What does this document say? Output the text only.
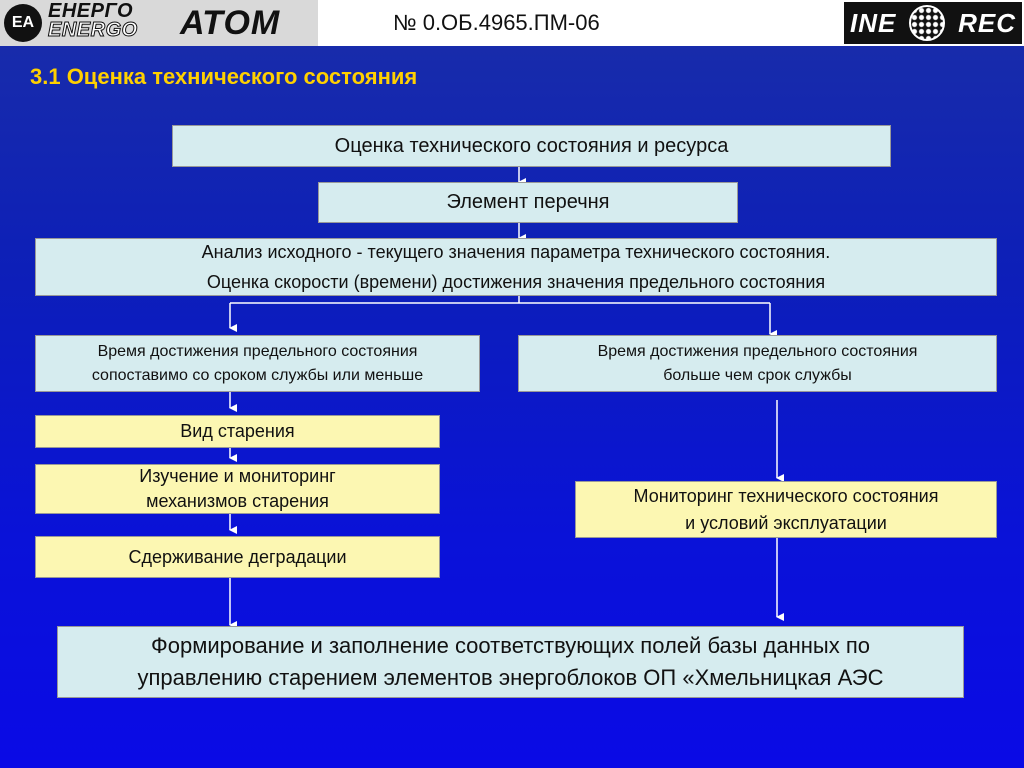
EA
ЕНЕРГО
ENERGO АТОМ	№ 0.ОБ.4965.ПМ-06	INE REC
3.1 Оценка технического состояния
Оценка технического состояния и ресурса
Элемент перечня
Анализ исходного - текущего значения параметра технического состояния.
Оценка скорости (времени) достижения значения предельного состояния
Время достижения предельного состояния
сопоставимо со сроком службы или меньше
Время достижения предельного состояния
больше чем срок службы
Вид старения
Изучение и мониторинг
механизмов старения
Сдерживание деградации
Мониторинг технического состояния
и условий эксплуатации
Формирование и заполнение соответствующих полей базы данных по
управлению старением элементов энергоблоков ОП «Хмельницкая АЭС
